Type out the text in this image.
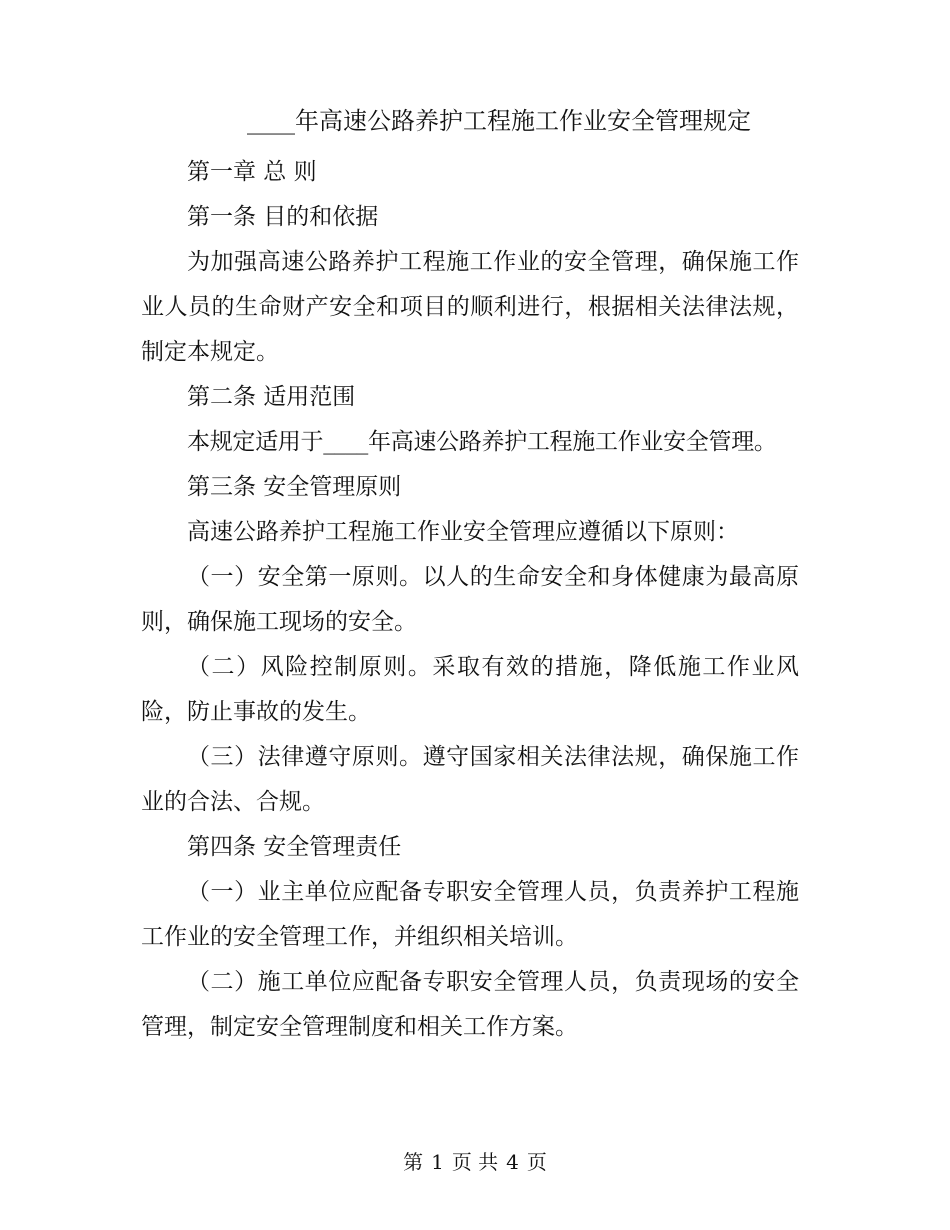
____年高速公路养护工程施工作业安全管理规定

第一章 总 则

第一条 目的和依据

为加强高速公路养护工程施工作业的安全管理，确保施工作业人员的生命财产安全和项目的顺利进行，根据相关法律法规，制定本规定。

第二条 适用范围

本规定适用于____年高速公路养护工程施工作业安全管理。

第三条 安全管理原则

高速公路养护工程施工作业安全管理应遵循以下原则：

（一）安全第一原则。以人的生命安全和身体健康为最高原则，确保施工现场的安全。

（二）风险控制原则。采取有效的措施，降低施工作业风险，防止事故的发生。

（三）法律遵守原则。遵守国家相关法律法规，确保施工作业的合法、合规。

第四条 安全管理责任

（一）业主单位应配备专职安全管理人员，负责养护工程施工作业的安全管理工作，并组织相关培训。

（二）施工单位应配备专职安全管理人员，负责现场的安全管理，制定安全管理制度和相关工作方案。

第 1 页 共 4 页
